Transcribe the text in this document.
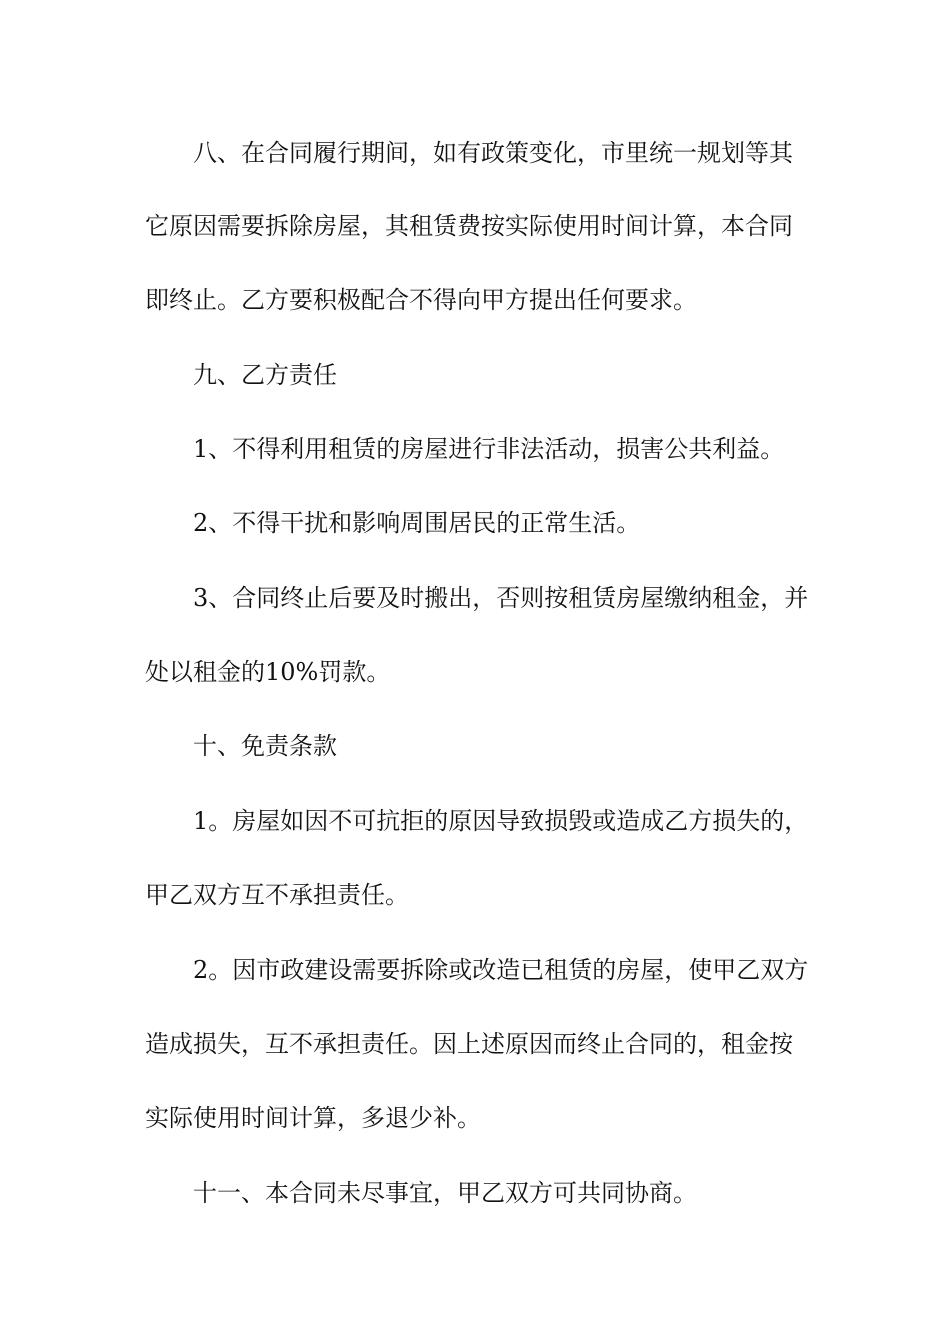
八、在合同履行期间，如有政策变化，市里统一规划等其

它原因需要拆除房屋，其租赁费按实际使用时间计算，本合同

即终止。乙方要积极配合不得向甲方提出任何要求。

九、乙方责任

1、不得利用租赁的房屋进行非法活动，损害公共利益。

2、不得干扰和影响周围居民的正常生活。

3、合同终止后要及时搬出，否则按租赁房屋缴纳租金，并

处以租金的10%罚款。

十、免责条款

1。房屋如因不可抗拒的原因导致损毁或造成乙方损失的，

甲乙双方互不承担责任。

2。因市政建设需要拆除或改造已租赁的房屋，使甲乙双方

造成损失，互不承担责任。因上述原因而终止合同的，租金按

实际使用时间计算，多退少补。

十一、本合同未尽事宜，甲乙双方可共同协商。
